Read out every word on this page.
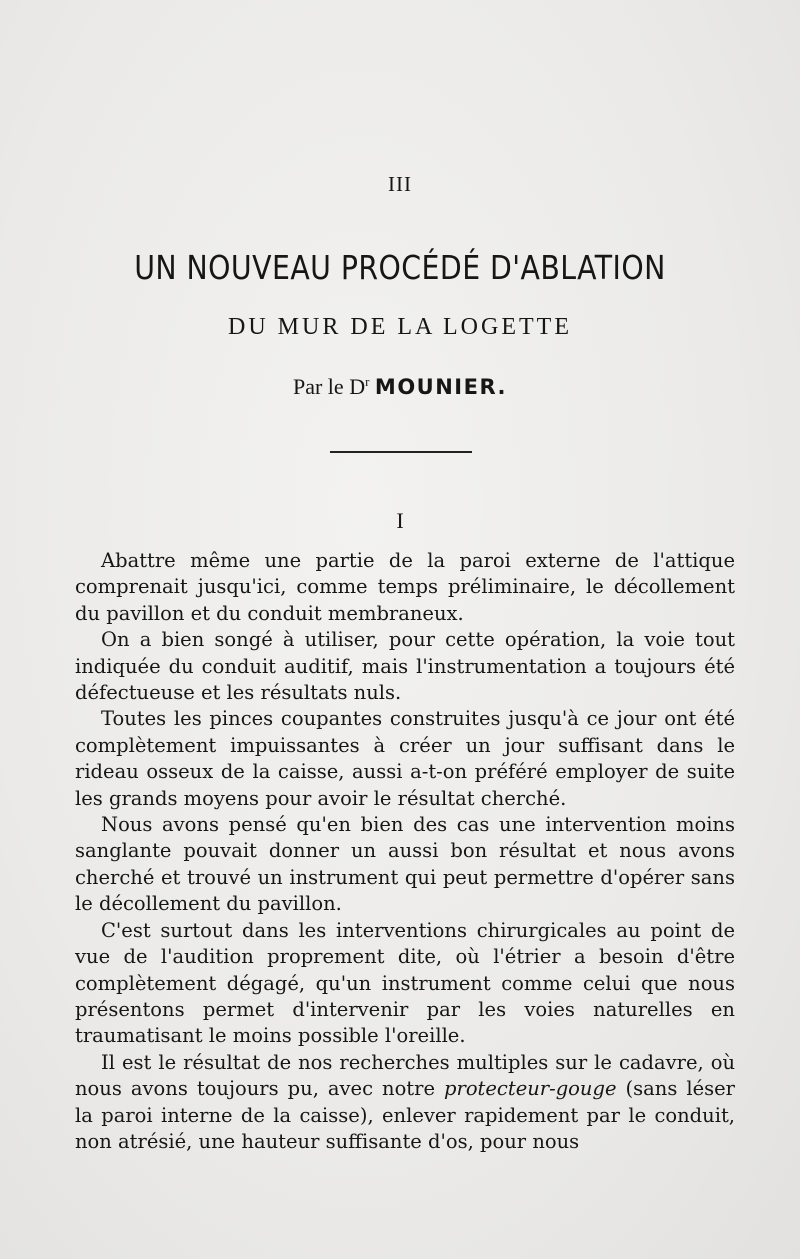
III
UN NOUVEAU PROCÉDÉ D'ABLATION
DU MUR DE LA LOGETTE
Par le $D^r$ MOUNIER.
I

Abattre même une partie de la paroi externe de l'attique comprenait jusqu'ici, comme temps préliminaire, le décollement du pavillon et du conduit membraneux.

On a bien songé à utiliser, pour cette opération, la voie tout indiquée du conduit auditif, mais l'instrumentation a toujours été défectueuse et les résultats nuls.

Toutes les pinces coupantes construites jusqu'à ce jour ont été complètement impuissantes à créer un jour suffisant dans le rideau osseux de la caisse, aussi a-t-on préféré employer de suite les grands moyens pour avoir le résultat cherché.

Nous avons pensé qu'en bien des cas une intervention moins sanglante pouvait donner un aussi bon résultat et nous avons cherché et trouvé un instrument qui peut permettre d'opérer sans le décollement du pavillon.

C'est surtout dans les interventions chirurgicales au point de vue de l'audition proprement dite, où l'étrier a besoin d'être complètement dégagé, qu'un instrument comme celui que nous présentons permet d'intervenir par les voies naturelles en traumatisant le moins possible l'oreille.

Il est le résultat de nos recherches multiples sur le cadavre, où nous avons toujours pu, avec notre protecteur-gouge (sans léser la paroi interne de la caisse), enlever rapidement par le conduit, non atrésié, une hauteur suffisante d'os, pour nous
